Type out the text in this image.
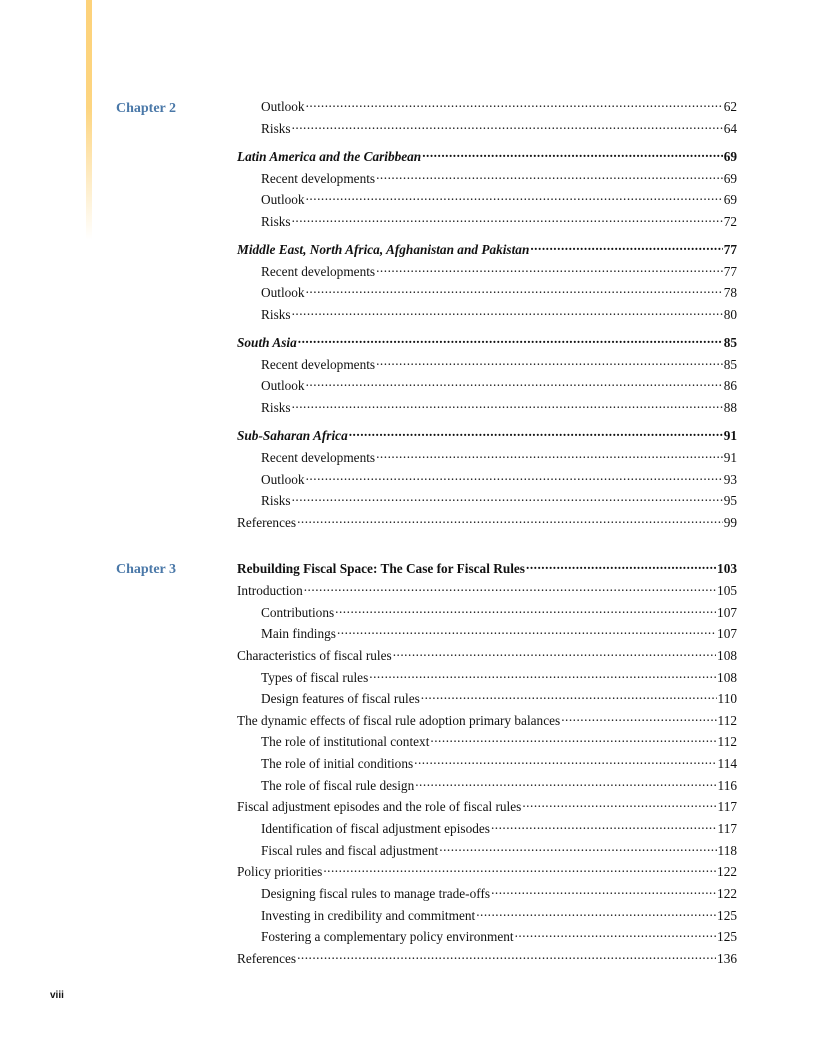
Chapter 2	Outlook .....	62
Risks .....	64
Latin America and the Caribbean .....	69
Recent developments .....	69
Outlook .....	69
Risks .....	72
Middle East, North Africa, Afghanistan and Pakistan .....	77
Recent developments .....	77
Outlook .....	78
Risks .....	80
South Asia .....	85
Recent developments .....	85
Outlook .....	86
Risks .....	88
Sub-Saharan Africa .....	91
Recent developments .....	91
Outlook .....	93
Risks .....	95
References .....	99
Chapter 3	Rebuilding Fiscal Space: The Case for Fiscal Rules .....	103
Introduction .....	105
Contributions .....	107
Main findings .....	107
Characteristics of fiscal rules .....	108
Types of fiscal rules .....	108
Design features of fiscal rules .....	110
The dynamic effects of fiscal rule adoption primary balances .....	112
The role of institutional context .....	112
The role of initial conditions .....	114
The role of fiscal rule design .....	116
Fiscal adjustment episodes and the role of fiscal rules .....	117
Identification of fiscal adjustment episodes .....	117
Fiscal rules and fiscal adjustment .....	118
Policy priorities .....	122
Designing fiscal rules to manage trade-offs .....	122
Investing in credibility and commitment .....	125
Fostering a complementary policy environment .....	125
References .....	136
viii
